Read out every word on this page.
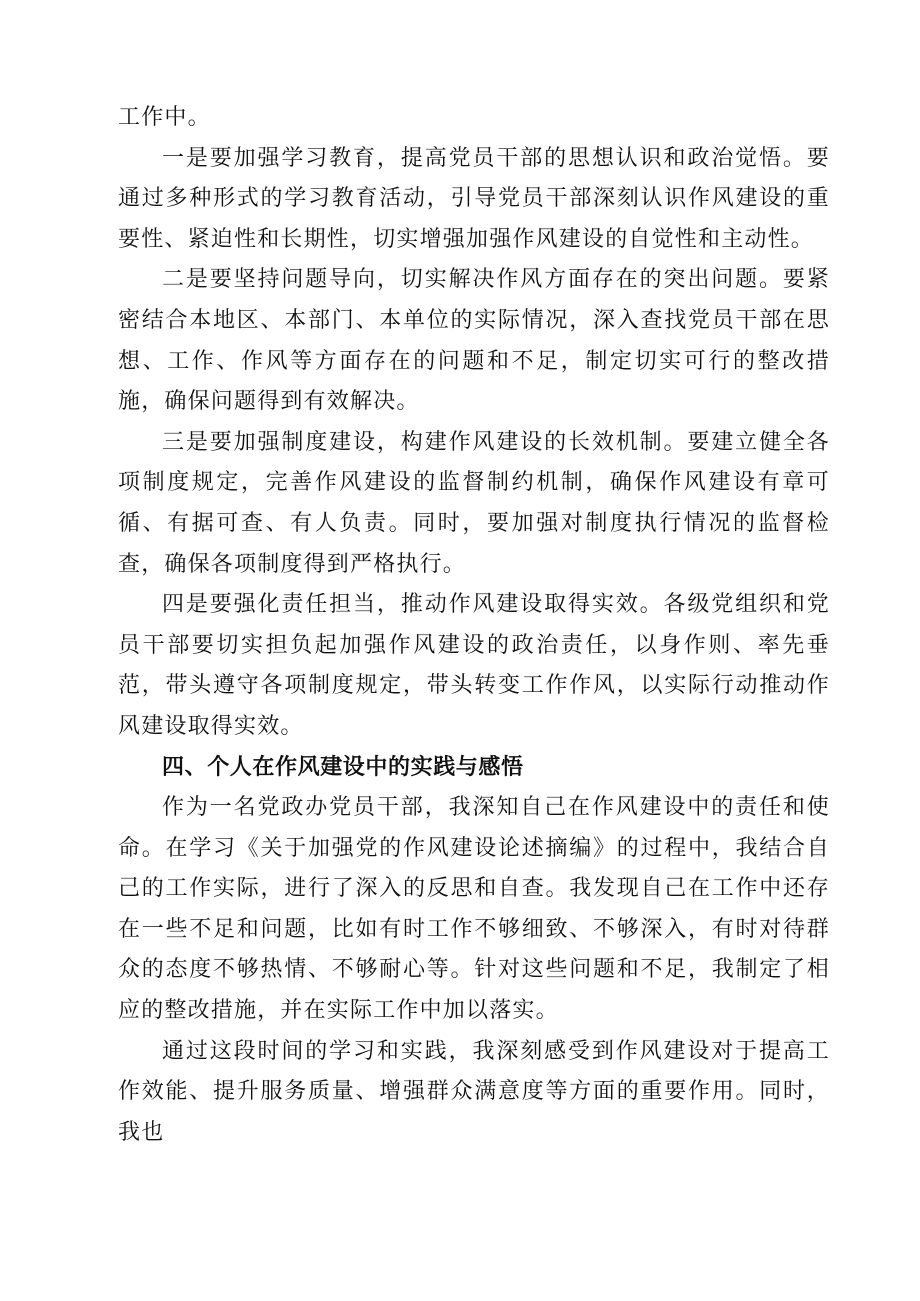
工作中。

一是要加强学习教育，提高党员干部的思想认识和政治觉悟。要通过多种形式的学习教育活动，引导党员干部深刻认识作风建设的重要性、紧迫性和长期性，切实增强加强作风建设的自觉性和主动性。

二是要坚持问题导向，切实解决作风方面存在的突出问题。要紧密结合本地区、本部门、本单位的实际情况，深入查找党员干部在思想、工作、作风等方面存在的问题和不足，制定切实可行的整改措施，确保问题得到有效解决。

三是要加强制度建设，构建作风建设的长效机制。要建立健全各项制度规定，完善作风建设的监督制约机制，确保作风建设有章可循、有据可查、有人负责。同时，要加强对制度执行情况的监督检查，确保各项制度得到严格执行。

四是要强化责任担当，推动作风建设取得实效。各级党组织和党员干部要切实担负起加强作风建设的政治责任，以身作则、率先垂范，带头遵守各项制度规定，带头转变工作作风，以实际行动推动作风建设取得实效。

四、个人在作风建设中的实践与感悟

作为一名党政办党员干部，我深知自己在作风建设中的责任和使命。在学习《关于加强党的作风建设论述摘编》的过程中，我结合自己的工作实际，进行了深入的反思和自查。我发现自己在工作中还存在一些不足和问题，比如有时工作不够细致、不够深入，有时对待群众的态度不够热情、不够耐心等。针对这些问题和不足，我制定了相应的整改措施，并在实际工作中加以落实。

通过这段时间的学习和实践，我深刻感受到作风建设对于提高工作效能、提升服务质量、增强群众满意度等方面的重要作用。同时，我也
